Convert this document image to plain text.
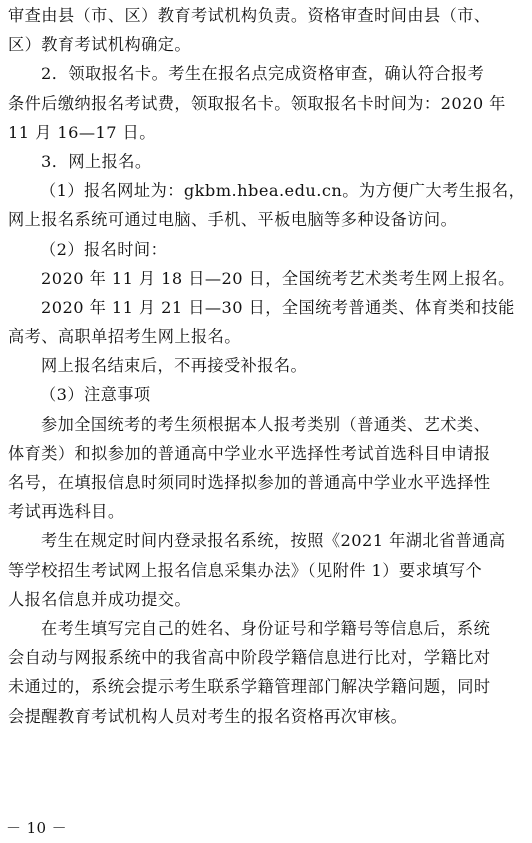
审查由县（市、区）教育考试机构负责。资格审查时间由县（市、
区）教育考试机构确定。
2．领取报名卡。考生在报名点完成资格审查，确认符合报考
条件后缴纳报名考试费，领取报名卡。领取报名卡时间为：2020 年
11 月 16—17 日。
3．网上报名。
（1）报名网址为：gkbm.hbea.edu.cn。为方便广大考生报名，
网上报名系统可通过电脑、手机、平板电脑等多种设备访问。
（2）报名时间：
2020 年 11 月 18 日—20 日，全国统考艺术类考生网上报名。
2020 年 11 月 21 日—30 日，全国统考普通类、体育类和技能
高考、高职单招考生网上报名。
网上报名结束后，不再接受补报名。
（3）注意事项
参加全国统考的考生须根据本人报考类别（普通类、艺术类、
体育类）和拟参加的普通高中学业水平选择性考试首选科目申请报
名号，在填报信息时须同时选择拟参加的普通高中学业水平选择性
考试再选科目。
考生在规定时间内登录报名系统，按照《2021 年湖北省普通高
等学校招生考试网上报名信息采集办法》（见附件 1）要求填写个
人报名信息并成功提交。
在考生填写完自己的姓名、身份证号和学籍号等信息后，系统
会自动与网报系统中的我省高中阶段学籍信息进行比对，学籍比对
未通过的，系统会提示考生联系学籍管理部门解决学籍问题，同时
会提醒教育考试机构人员对考生的报名资格再次审核。
－ 10 －
